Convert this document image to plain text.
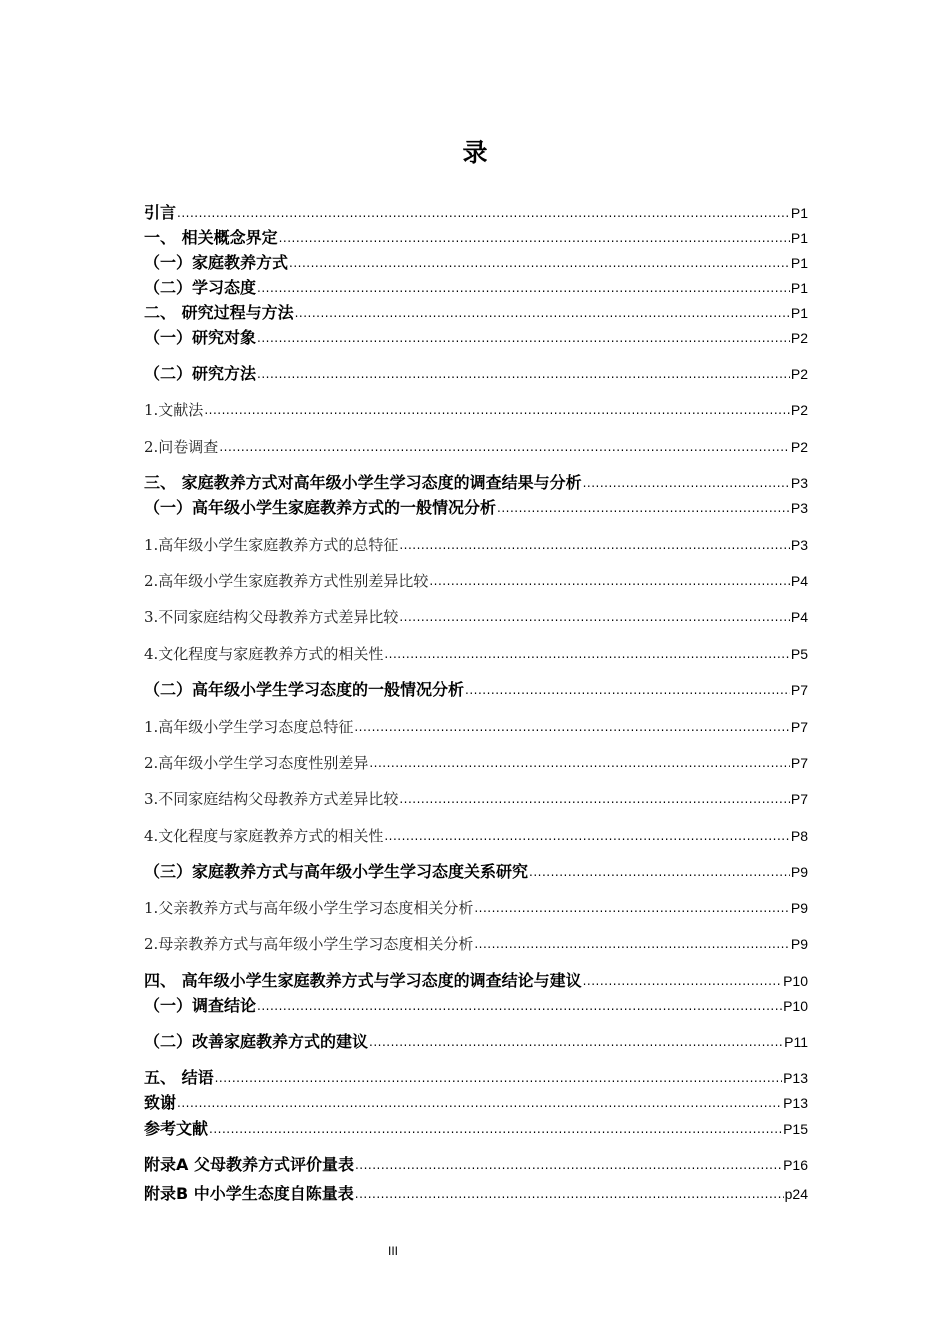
录
引言 .....	P1
一、 相关概念界定 .....	P1
（一）家庭教养方式 .....	P1
（二）学习态度 .....	P1
二、 研究过程与方法 .....	P1
（一）研究对象 .....	P2
（二）研究方法 .....	P2
1.文献法 .....	P2
2.问卷调查 .....	P2
三、 家庭教养方式对高年级小学生学习态度的调查结果与分析 .....	P3
（一）高年级小学生家庭教养方式的一般情况分析 .....	P3
1.高年级小学生家庭教养方式的总特征 .....	P3
2.高年级小学生家庭教养方式性别差异比较 .....	P4
3.不同家庭结构父母教养方式差异比较 .....	P4
4.文化程度与家庭教养方式的相关性 .....	P5
（二）高年级小学生学习态度的一般情况分析 .....	P7
1.高年级小学生学习态度总特征 .....	P7
2.高年级小学生学习态度性别差异 .....	P7
3.不同家庭结构父母教养方式差异比较 .....	P7
4.文化程度与家庭教养方式的相关性 .....	P8
（三）家庭教养方式与高年级小学生学习态度关系研究 .....	P9
1.父亲教养方式与高年级小学生学习态度相关分析 .....	P9
2.母亲教养方式与高年级小学生学习态度相关分析 .....	P9
四、 高年级小学生家庭教养方式与学习态度的调查结论与建议 .....	P10
（一）调查结论 .....	P10
（二）改善家庭教养方式的建议 .....	P11
五、 结语 .....	P13
致谢 .....	P13
参考文献 .....	P15
附录A 父母教养方式评价量表 .....	P16
附录B 中小学生态度自陈量表 .....	p24
III
